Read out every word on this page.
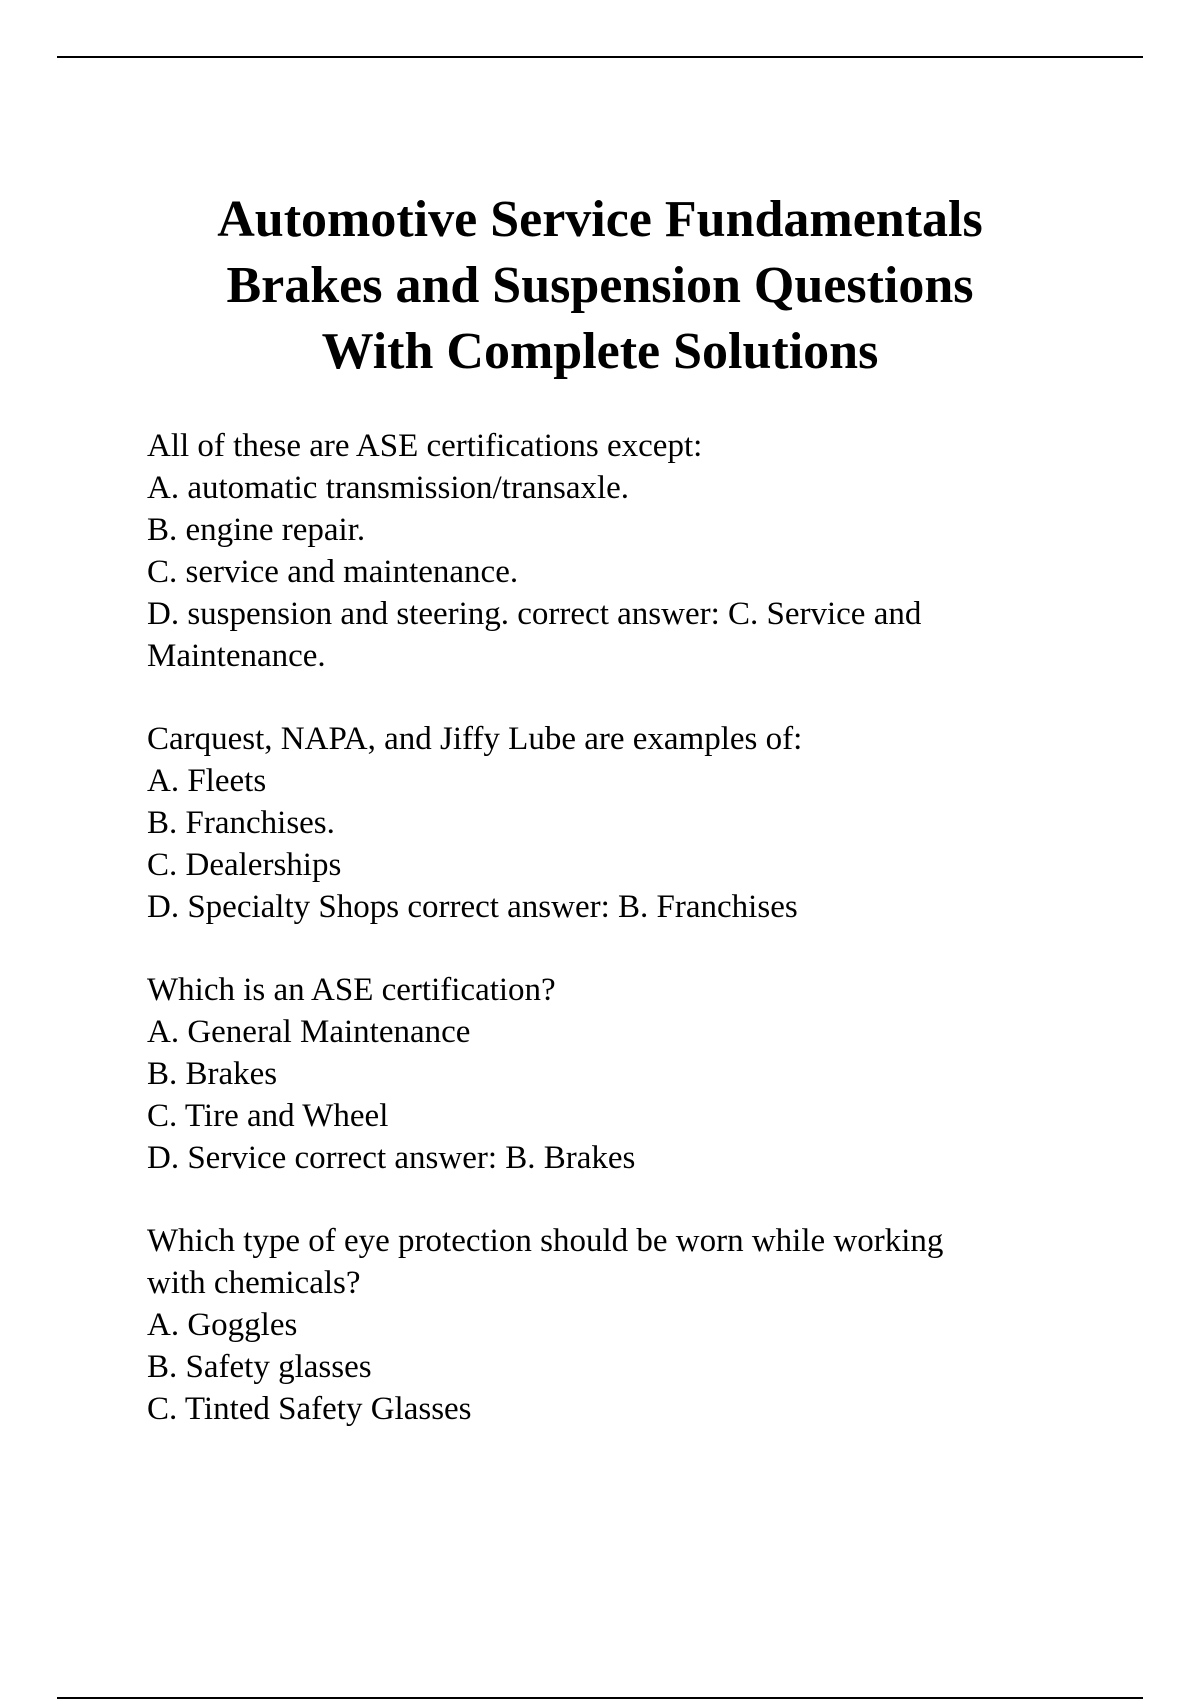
Automotive Service Fundamentals
Brakes and Suspension Questions
With Complete Solutions

All of these are ASE certifications except:

A. automatic transmission/transaxle.

B. engine repair.

C. service and maintenance.

D. suspension and steering. correct answer: C. Service and

Maintenance.

Carquest, NAPA, and Jiffy Lube are examples of:

A. Fleets

B. Franchises.

C. Dealerships

D. Specialty Shops correct answer: B. Franchises

Which is an ASE certification?

A. General Maintenance

B. Brakes

C. Tire and Wheel

D. Service correct answer: B. Brakes

Which type of eye protection should be worn while working

with chemicals?

A. Goggles

B. Safety glasses

C. Tinted Safety Glasses
